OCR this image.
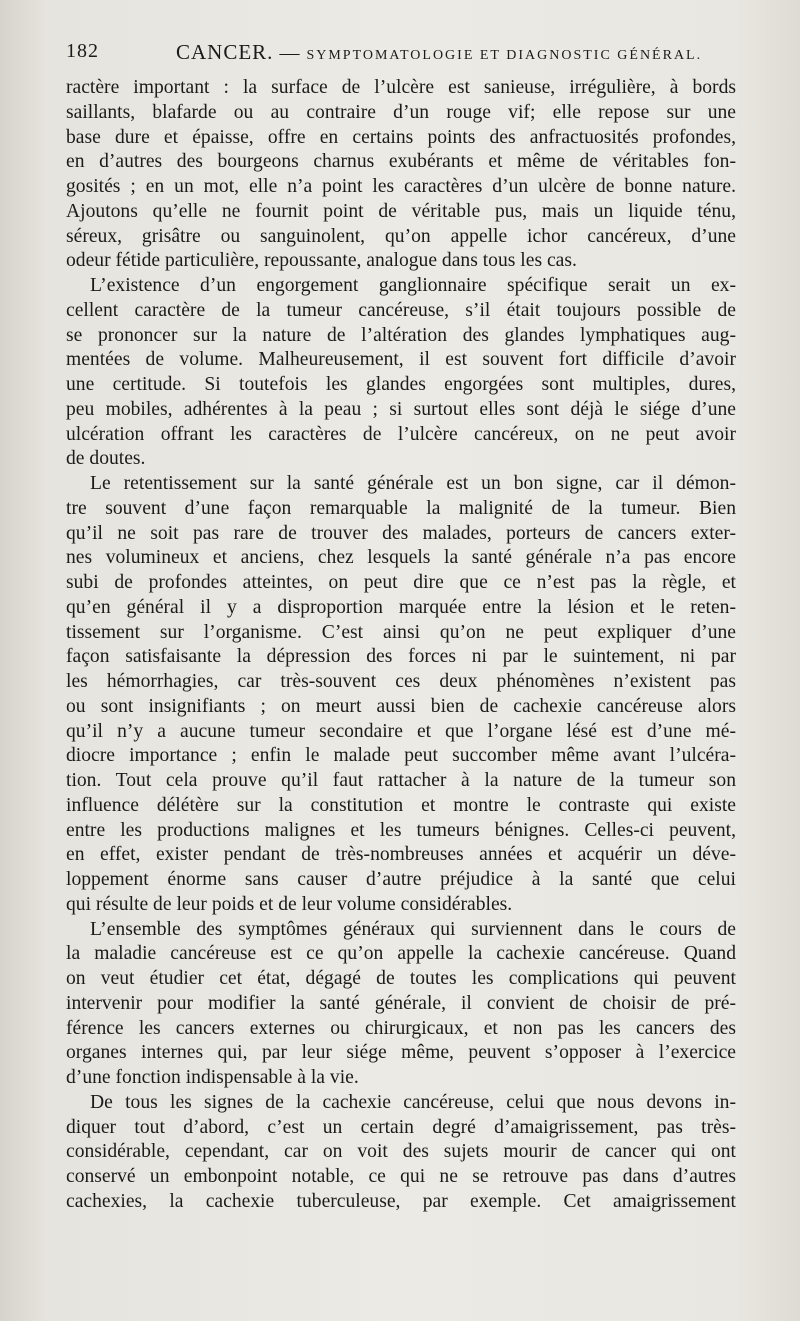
182	CANCER. — SYMPTOMATOLOGIE ET DIAGNOSTIC GÉNÉRAL.
ractère important : la surface de l’ulcère est sanieuse, irrégulière, à bords
saillants, blafarde ou au contraire d’un rouge vif; elle repose sur une
base dure et épaisse, offre en certains points des anfractuosités profondes,
en d’autres des bourgeons charnus exubérants et même de véritables fon-
gosités ; en un mot, elle n’a point les caractères d’un ulcère de bonne nature.
Ajoutons qu’elle ne fournit point de véritable pus, mais un liquide ténu,
séreux, grisâtre ou sanguinolent, qu’on appelle ichor cancéreux, d’une
odeur fétide particulière, repoussante, analogue dans tous les cas.
L’existence d’un engorgement ganglionnaire spécifique serait un ex-
cellent caractère de la tumeur cancéreuse, s’il était toujours possible de
se prononcer sur la nature de l’altération des glandes lymphatiques aug-
mentées de volume. Malheureusement, il est souvent fort difficile d’avoir
une certitude. Si toutefois les glandes engorgées sont multiples, dures,
peu mobiles, adhérentes à la peau ; si surtout elles sont déjà le siége d’une
ulcération offrant les caractères de l’ulcère cancéreux, on ne peut avoir
de doutes.
Le retentissement sur la santé générale est un bon signe, car il démon-
tre souvent d’une façon remarquable la malignité de la tumeur. Bien
qu’il ne soit pas rare de trouver des malades, porteurs de cancers exter-
nes volumineux et anciens, chez lesquels la santé générale n’a pas encore
subi de profondes atteintes, on peut dire que ce n’est pas la règle, et
qu’en général il y a disproportion marquée entre la lésion et le reten-
tissement sur l’organisme. C’est ainsi qu’on ne peut expliquer d’une
façon satisfaisante la dépression des forces ni par le suintement, ni par
les hémorrhagies, car très-souvent ces deux phénomènes n’existent pas
ou sont insignifiants ; on meurt aussi bien de cachexie cancéreuse alors
qu’il n’y a aucune tumeur secondaire et que l’organe lésé est d’une mé-
diocre importance ; enfin le malade peut succomber même avant l’ulcéra-
tion. Tout cela prouve qu’il faut rattacher à la nature de la tumeur son
influence délétère sur la constitution et montre le contraste qui existe
entre les productions malignes et les tumeurs bénignes. Celles-ci peuvent,
en effet, exister pendant de très-nombreuses années et acquérir un déve-
loppement énorme sans causer d’autre préjudice à la santé que celui
qui résulte de leur poids et de leur volume considérables.
L’ensemble des symptômes généraux qui surviennent dans le cours de
la maladie cancéreuse est ce qu’on appelle la cachexie cancéreuse. Quand
on veut étudier cet état, dégagé de toutes les complications qui peuvent
intervenir pour modifier la santé générale, il convient de choisir de pré-
férence les cancers externes ou chirurgicaux, et non pas les cancers des
organes internes qui, par leur siége même, peuvent s’opposer à l’exercice
d’une fonction indispensable à la vie.
De tous les signes de la cachexie cancéreuse, celui que nous devons in-
diquer tout d’abord, c’est un certain degré d’amaigrissement, pas très-
considérable, cependant, car on voit des sujets mourir de cancer qui ont
conservé un embonpoint notable, ce qui ne se retrouve pas dans d’autres
cachexies, la cachexie tuberculeuse, par exemple. Cet amaigrissement
